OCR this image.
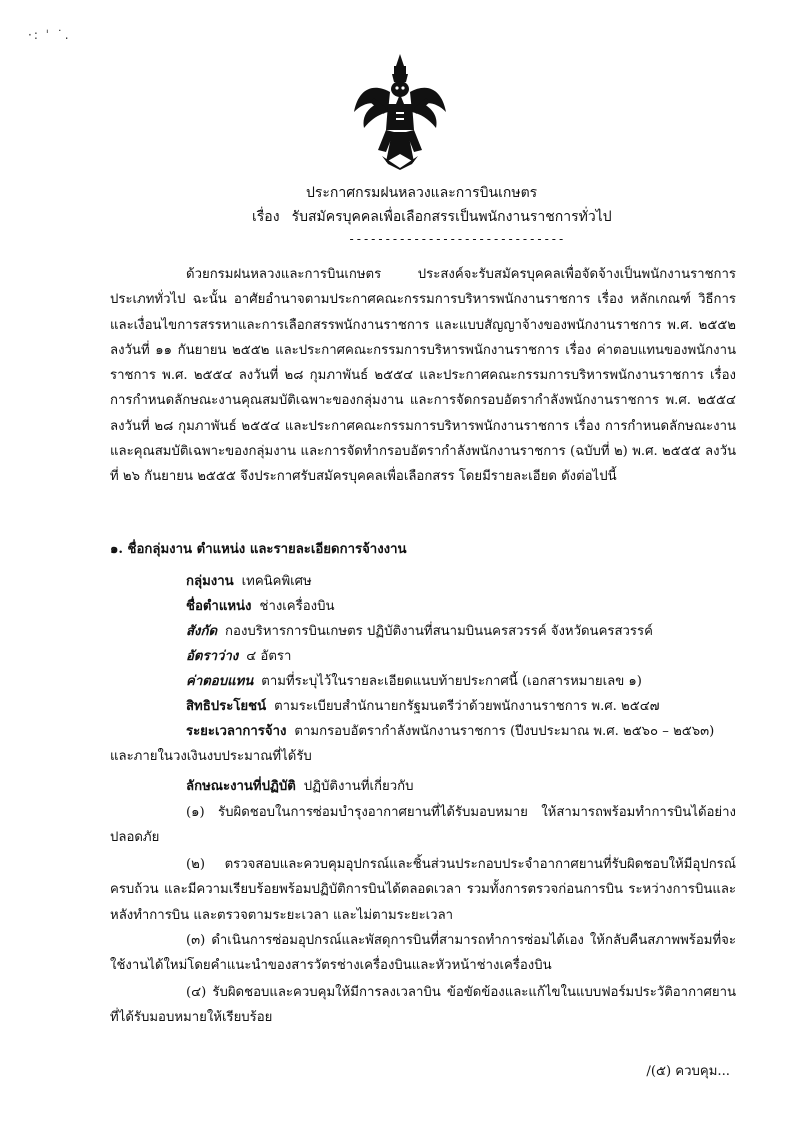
·: ˈ ˙.
ประกาศกรมฝนหลวงและการบินเกษตร
เรื่อง รับสมัครบุคคลเพื่อเลือกสรรเป็นพนักงานราชการทั่วไป
------------------------------

ด้วยกรมฝนหลวงและการบินเกษตร ประสงค์จะรับสมัครบุคคลเพื่อจัดจ้างเป็นพนักงานราชการประเภททั่วไป ฉะนั้น อาศัยอำนาจตามประกาศคณะกรรมการบริหารพนักงานราชการ เรื่อง หลักเกณฑ์ วิธีการ และเงื่อนไขการสรรหาและการเลือกสรรพนักงานราชการ และแบบสัญญาจ้างของพนักงานราชการ พ.ศ. ๒๕๕๒ ลงวันที่ ๑๑ กันยายน ๒๕๕๒ และประกาศคณะกรรมการบริหารพนักงานราชการ เรื่อง ค่าตอบแทนของพนักงานราชการ พ.ศ. ๒๕๕๔ ลงวันที่ ๒๘ กุมภาพันธ์ ๒๕๕๔ และประกาศคณะกรรมการบริหารพนักงานราชการ เรื่อง การกำหนดลักษณะงานคุณสมบัติเฉพาะของกลุ่มงาน และการจัดกรอบอัตรากำลังพนักงานราชการ พ.ศ. ๒๕๕๔ ลงวันที่ ๒๘ กุมภาพันธ์ ๒๕๕๔ และประกาศคณะกรรมการบริหารพนักงานราชการ เรื่อง การกำหนดลักษณะงาน และคุณสมบัติเฉพาะของกลุ่มงาน และการจัดทำกรอบอัตรากำลังพนักงานราชการ (ฉบับที่ ๒) พ.ศ. ๒๕๕๕ ลงวันที่ ๒๖ กันยายน ๒๕๕๕ จึงประกาศรับสมัครบุคคลเพื่อเลือกสรร โดยมีรายละเอียด ดังต่อไปนี้

๑. ชื่อกลุ่มงาน ตำแหน่ง และรายละเอียดการจ้างงาน
กลุ่มงาน เทคนิคพิเศษ
ชื่อตำแหน่ง ช่างเครื่องบิน
สังกัด กองบริหารการบินเกษตร ปฏิบัติงานที่สนามบินนครสวรรค์ จังหวัดนครสวรรค์
อัตราว่าง ๔ อัตรา
ค่าตอบแทน ตามที่ระบุไว้ในรายละเอียดแนบท้ายประกาศนี้ (เอกสารหมายเลข ๑)
สิทธิประโยชน์ ตามระเบียบสำนักนายกรัฐมนตรีว่าด้วยพนักงานราชการ พ.ศ. ๒๕๔๗
ระยะเวลาการจ้าง ตามกรอบอัตรากำลังพนักงานราชการ (ปีงบประมาณ พ.ศ. ๒๕๖๐ – ๒๕๖๓)
และภายในวงเงินงบประมาณที่ได้รับ
ลักษณะงานที่ปฏิบัติ ปฏิบัติงานที่เกี่ยวกับ

(๑) รับผิดชอบในการซ่อมบำรุงอากาศยานที่ได้รับมอบหมาย ให้สามารถพร้อมทำการบินได้อย่างปลอดภัย

(๒) ตรวจสอบและควบคุมอุปกรณ์และชิ้นส่วนประกอบประจำอากาศยานที่รับผิดชอบให้มีอุปกรณ์ครบถ้วน และมีความเรียบร้อยพร้อมปฏิบัติการบินได้ตลอดเวลา รวมทั้งการตรวจก่อนการบิน ระหว่างการบินและหลังทำการบิน และตรวจตามระยะเวลา และไม่ตามระยะเวลา

(๓) ดำเนินการซ่อมอุปกรณ์และพัสดุการบินที่สามารถทำการซ่อมได้เอง ให้กลับคืนสภาพพร้อมที่จะใช้งานได้ใหม่โดยคำแนะนำของสารวัตรช่างเครื่องบินและหัวหน้าช่างเครื่องบิน

(๔) รับผิดชอบและควบคุมให้มีการลงเวลาบิน ข้อขัดข้องและแก้ไขในแบบฟอร์มประวัติอากาศยานที่ได้รับมอบหมายให้เรียบร้อย

/(๕) ควบคุม...
